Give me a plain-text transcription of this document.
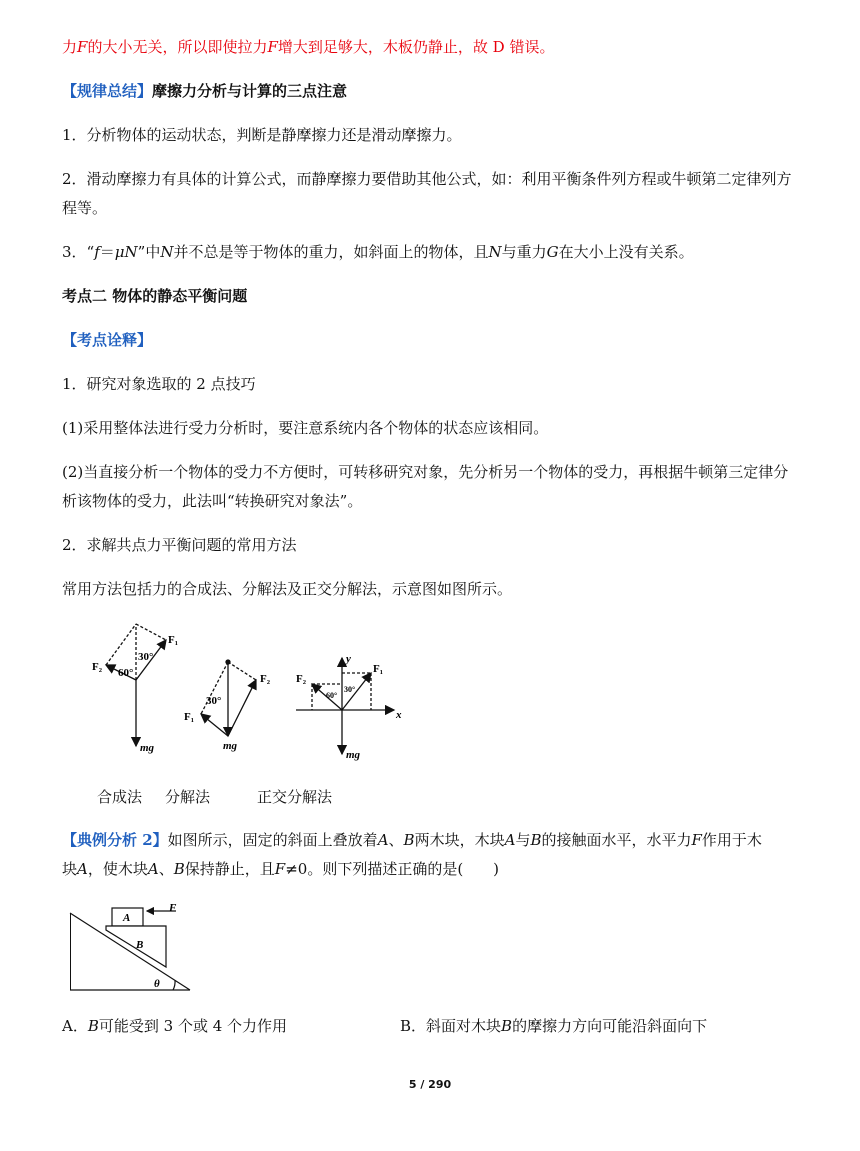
力F的大小无关，所以即使拉力F增大到足够大，木板仍静止，故 D 错误。
【规律总结】摩擦力分析与计算的三点注意
1．分析物体的运动状态，判断是静摩擦力还是滑动摩擦力。
2．滑动摩擦力有具体的计算公式，而静摩擦力要借助其他公式，如：利用平衡条件列方程或牛顿第二定律列方
程等。
3．“f＝μN”中N并不总是等于物体的重力，如斜面上的物体，且N与重力G在大小上没有关系。
考点二 物体的静态平衡问题
【考点诠释】
1．研究对象选取的 2 点技巧
(1)采用整体法进行受力分析时，要注意系统内各个物体的状态应该相同。
(2)当直接分析一个物体的受力不方便时，可转移研究对象，先分析另一个物体的受力，再根据牛顿第三定律分
析该物体的受力，此法叫“转换研究对象法”。
2．求解共点力平衡问题的常用方法
常用方法包括力的合成法、分解法及正交分解法，示意图如图所示。
F₁
F₂
30°
60°
mg
F₂
F₁
30°
mg
F₁
F₂
y
x
30°
60°
mg
合成法 分解法	正交分解法
【典例分析 2】如图所示，固定的斜面上叠放着A、B两木块，木块A与B的接触面水平，水平力F作用于木
块A，使木块A、B保持静止，且F≠0。则下列描述正确的是(　　)
A
B
F
θ
A．B可能受到 3 个或 4 个力作用	B．斜面对木块B的摩擦力方向可能沿斜面向下
5 / 290
